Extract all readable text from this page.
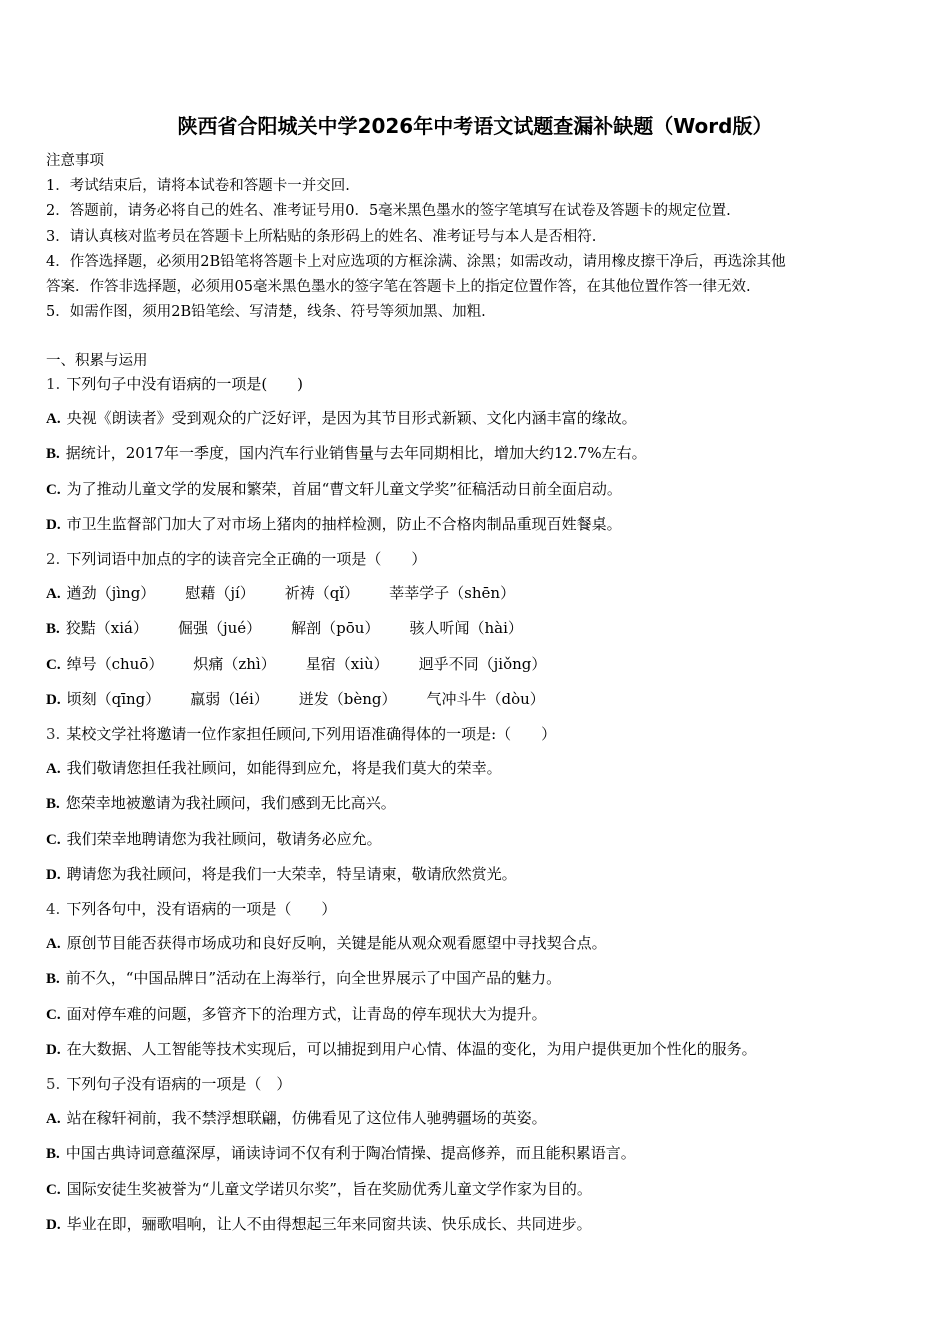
陕西省合阳城关中学2026年中考语文试题查漏补缺题（Word版）
注意事项
1．考试结束后，请将本试卷和答题卡一并交回.
2．答题前，请务必将自己的姓名、准考证号用0．5毫米黑色墨水的签字笔填写在试卷及答题卡的规定位置.
3．请认真核对监考员在答题卡上所粘贴的条形码上的姓名、准考证号与本人是否相符.
4．作答选择题，必须用2B铅笔将答题卡上对应选项的方框涂满、涂黑；如需改动，请用橡皮擦干净后，再选涂其他
答案．作答非选择题，必须用05毫米黑色墨水的签字笔在答题卡上的指定位置作答，在其他位置作答一律无效.
5．如需作图，须用2B铅笔绘、写清楚，线条、符号等须加黑、加粗.
一、积累与运用
1. 下列句子中没有语病的一项是(　　)
A. 央视《朗读者》受到观众的广泛好评，是因为其节目形式新颖、文化内涵丰富的缘故。
B. 据统计，2017年一季度，国内汽车行业销售量与去年同期相比，增加大约12.7%左右。
C. 为了推动儿童文学的发展和繁荣，首届“曹文轩儿童文学奖”征稿活动日前全面启动。
D. 市卫生监督部门加大了对市场上猪肉的抽样检测，防止不合格肉制品重现百姓餐桌。
2. 下列词语中加点的字的读音完全正确的一项是（　　）
A. 遒劲（jìng） 慰藉（jí） 祈祷（qǐ） 莘莘学子（shēn）
B. 狡黠（xiá） 倔强（jué） 解剖（pōu） 骇人听闻（hài）
C. 绰号（chuō） 炽痛（zhì） 星宿（xiù） 迥乎不同（jiǒng）
D. 顷刻（qīng） 羸弱（léi） 迸发（bèng） 气冲斗牛（dòu）
3. 某校文学社将邀请一位作家担任顾问,下列用语准确得体的一项是:（　　）
A. 我们敬请您担任我社顾问，如能得到应允，将是我们莫大的荣幸。
B. 您荣幸地被邀请为我社顾问，我们感到无比高兴。
C. 我们荣幸地聘请您为我社顾问，敬请务必应允。
D. 聘请您为我社顾问，将是我们一大荣幸，特呈请柬，敬请欣然赏光。
4. 下列各句中，没有语病的一项是（　　）
A. 原创节目能否获得市场成功和良好反响，关键是能从观众观看愿望中寻找契合点。
B. 前不久，“中国品牌日”活动在上海举行，向全世界展示了中国产品的魅力。
C. 面对停车难的问题，多管齐下的治理方式，让青岛的停车现状大为提升。
D. 在大数据、人工智能等技术实现后，可以捕捉到用户心情、体温的变化，为用户提供更加个性化的服务。
5. 下列句子没有语病的一项是（　）
A. 站在稼轩祠前，我不禁浮想联翩，仿佛看见了这位伟人驰骋疆场的英姿。
B. 中国古典诗词意蕴深厚，诵读诗词不仅有利于陶冶情操、提高修养，而且能积累语言。
C. 国际安徒生奖被誉为“儿童文学诺贝尔奖”，旨在奖励优秀儿童文学作家为目的。
D. 毕业在即，骊歌唱响，让人不由得想起三年来同窗共读、快乐成长、共同进步。
